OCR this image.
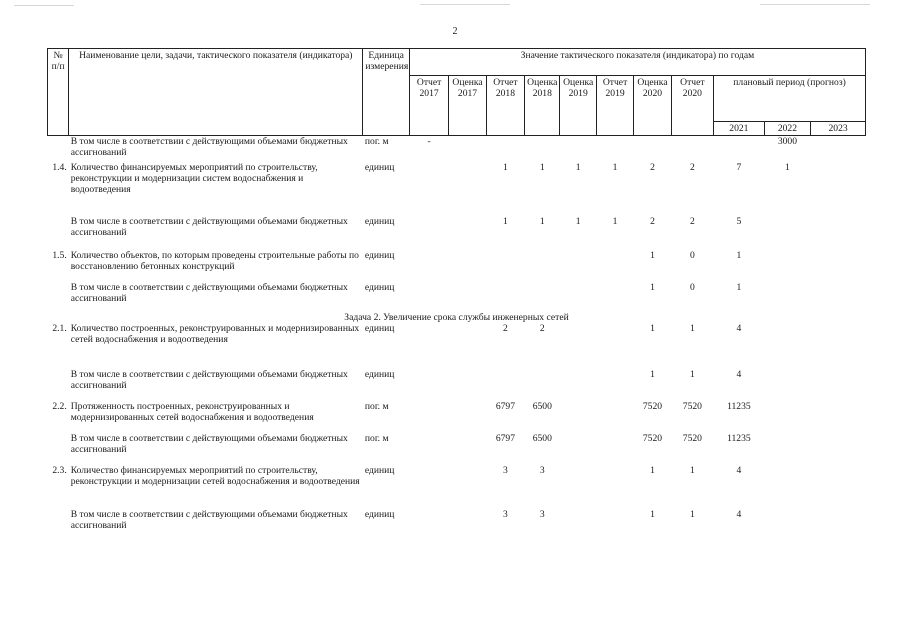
2
№ п/п	Наименование цели, задачи, тактического показателя (индикатора)	Единица измерения	Значение тактического показателя (индикатора) по годам										
			Отчет 2017	Оценка 2017	Отчет 2018	Оценка 2018	Оценка 2019	Отчет 2019	Оценка 2020	Отчет 2020	плановый период (прогноз)		
											2021	2022	2023
	В том числе в соответствии с действующими объемами бюджетных ассигнований	пог. м	-									3000	
1.4.	Количество финансируемых мероприятий по строительству, реконструкции и модернизации систем водоснабжения и водоотведения	единиц			1	1	1	1	2	2	7	1	
	В том числе в соответствии с действующими объемами бюджетных ассигнований	единиц			1	1	1	1	2	2	5		
1.5.	Количество объектов, по которым проведены строительные работы по восстановлению бетонных конструкций	единиц							1	0	1		
	В том числе в соответствии с действующими объемами бюджетных ассигнований	единиц							1	0	1		
Задача 2. Увеличение срока службы инженерных сетей													
2.1.	Количество построенных, реконструированных и модернизированных сетей водоснабжения и водоотведения	единиц			2	2			1	1	4		
	В том числе в соответствии с действующими объемами бюджетных ассигнований	единиц							1	1	4		
2.2.	Протяженность построенных, реконструированных и модернизированных сетей водоснабжения и водоотведения	пог. м			6797	6500			7520	7520	11235		
	В том числе в соответствии с действующими объемами бюджетных ассигнований	пог. м			6797	6500			7520	7520	11235		
2.3.	Количество финансируемых мероприятий по строительству, реконструкции и модернизации сетей водоснабжения и водоотведения	единиц			3	3			1	1	4		
	В том числе в соответствии с действующими объемами бюджетных ассигнований	единиц			3	3			1	1	4		
